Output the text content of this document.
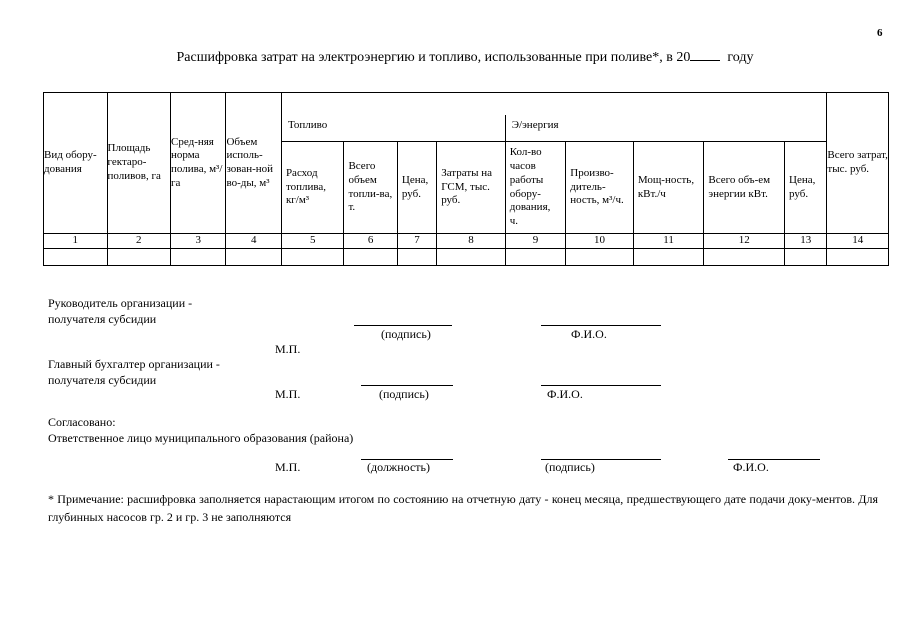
6
Расшифровка затрат на электроэнергию и топливо, использованные при поливе*, в 20	году
Вид обору-дования	Площадь гектаро-поливов, га	Сред-няя норма полива, м³/га	Объем исполь-зован-ной во-ды, м³										Всего затрат, тыс. руб.
				Топливо				Э/энергия					
				Расход топлива, кг/м³	Всего объем топли-ва, т.	Цена, руб.	Затраты на ГСМ, тыс. руб.	Кол-во часов работы обору-дования, ч.	Произво-дитель-ность, м³/ч.	Мощ-ность, кВт./ч	Всего объ-ем энергии кВт.	Цена, руб.	
1	2	3	4	5	6	7	8	9	10	11	12	13	14

Руководитель организации -
получателя субсидии
(подпись)	Ф.И.О.
М.П.
Главный бухгалтер организации -
получателя субсидии
(подпись)	Ф.И.О.
М.П.
Согласовано:
Ответственное лицо муниципального образования (района)
М.П.	(должность)	(подпись)	Ф.И.О.
* Примечание: расшифровка заполняется нарастающим итогом по состоянию на отчетную дату - конец месяца, предшествующего дате подачи доку-ментов. Для глубинных насосов гр. 2 и гр. 3 не заполняются
